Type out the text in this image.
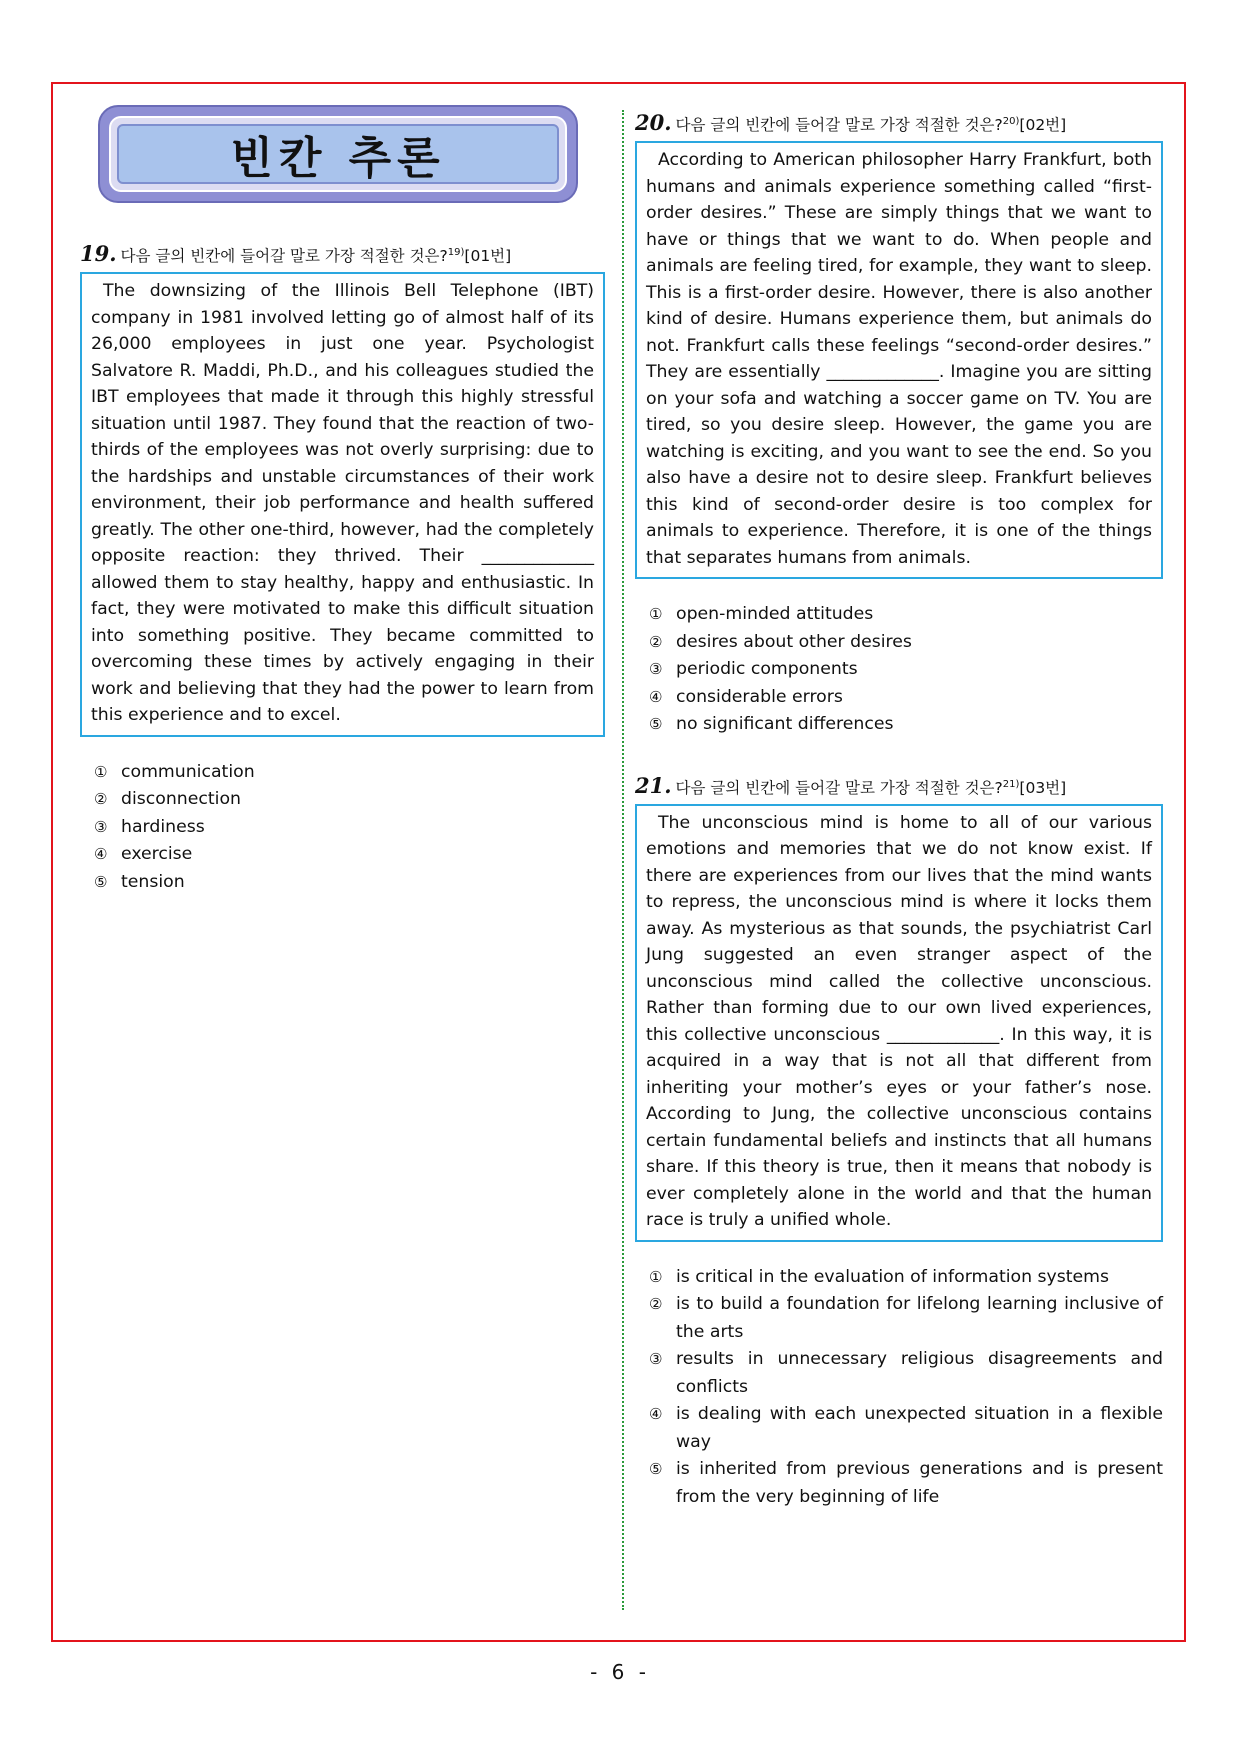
빈칸 추론
19. 다음 글의 빈칸에 들어갈 말로 가장 적절한 것은?$^{19)}$[01번]
The downsizing of the Illinois Bell Telephone (IBT) company in 1981 involved letting go of almost half of its 26,000 employees in just one year. Psychologist Salvatore R. Maddi, Ph.D., and his colleagues studied the IBT employees that made it through this highly stressful situation until 1987. They found that the reaction of two-thirds of the employees was not overly surprising: due to the hardships and unstable circumstances of their work environment, their job performance and health suffered greatly. The other one-third, however, had the completely opposite reaction: they thrived. Their _____________ allowed them to stay healthy, happy and enthusiastic. In fact, they were motivated to make this difficult situation into something positive. They became committed to overcoming these times by actively engaging in their work and believing that they had the power to learn from this experience and to excel.
① communication
② disconnection
③ hardiness
④ exercise
⑤ tension
20. 다음 글의 빈칸에 들어갈 말로 가장 적절한 것은?$^{20)}$[02번]
According to American philosopher Harry Frankfurt, both humans and animals experience something called “first-order desires.” These are simply things that we want to have or things that we want to do. When people and animals are feeling tired, for example, they want to sleep. This is a first-order desire. However, there is also another kind of desire. Humans experience them, but animals do not. Frankfurt calls these feelings “second-order desires.” They are essentially _____________. Imagine you are sitting on your sofa and watching a soccer game on TV. You are tired, so you desire sleep. However, the game you are watching is exciting, and you want to see the end. So you also have a desire not to desire sleep. Frankfurt believes this kind of second-order desire is too complex for animals to experience. Therefore, it is one of the things that separates humans from animals.
① open-minded attitudes
② desires about other desires
③ periodic components
④ considerable errors
⑤ no significant differences
21. 다음 글의 빈칸에 들어갈 말로 가장 적절한 것은?$^{21)}$[03번]
The unconscious mind is home to all of our various emotions and memories that we do not know exist. If there are experiences from our lives that the mind wants to repress, the unconscious mind is where it locks them away. As mysterious as that sounds, the psychiatrist Carl Jung suggested an even stranger aspect of the unconscious mind called the collective unconscious. Rather than forming due to our own lived experiences, this collective unconscious _____________. In this way, it is acquired in a way that is not all that different from inheriting your mother’s eyes or your father’s nose. According to Jung, the collective unconscious contains certain fundamental beliefs and instincts that all humans share. If this theory is true, then it means that nobody is ever completely alone in the world and that the human race is truly a unified whole.
① is critical in the evaluation of information systems
② is to build a foundation for lifelong learning inclusive of the arts
③ results in unnecessary religious disagreements and conflicts
④ is dealing with each unexpected situation in a flexible way
⑤ is inherited from previous generations and is present from the very beginning of life
- 6 -
